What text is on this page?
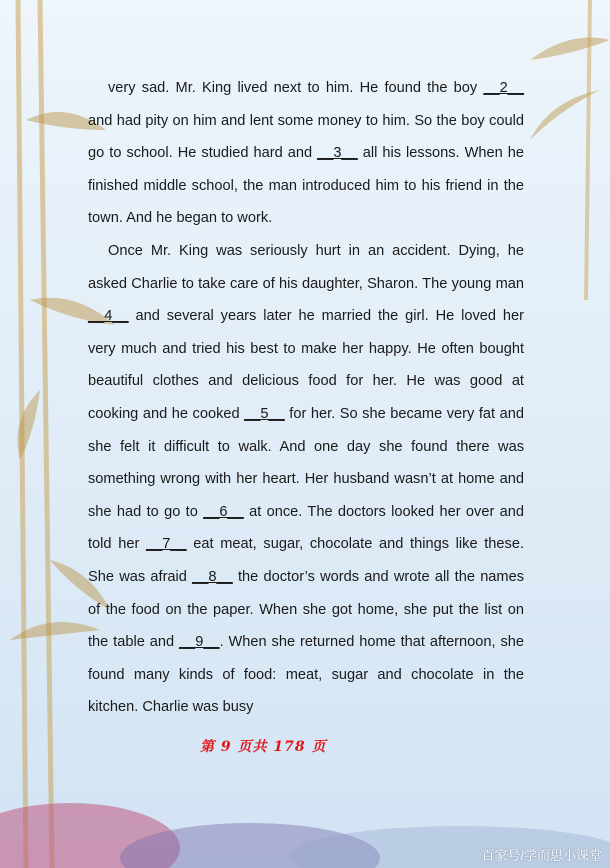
very sad. Mr. King lived next to him. He found the boy __2__ and had pity on him and lent some money to him. So the boy could go to school. He studied hard and __3__ all his lessons. When he finished middle school, the man introduced him to his friend in the town. And he began to work.

Once Mr. King was seriously hurt in an accident. Dying, he asked Charlie to take care of his daughter, Sharon. The young man __4__ and several years later he married the girl. He loved her very much and tried his best to make her happy. He often bought beautiful clothes and delicious food for her. He was good at cooking and he cooked __5__ for her. So she became very fat and she felt it difficult to walk. And one day she found there was something wrong with her heart. Her husband wasn’t at home and she had to go to __6__ at once. The doctors looked her over and told her __7__ eat meat, sugar, chocolate and things like these. She was afraid __8__ the doctor’s words and wrote all the names of the food on the paper. When she got home, she put the list on the table and __9__. When she returned home that afternoon, she found many kinds of food: meat, sugar and chocolate in the kitchen. Charlie was busy

第 9 页共 178 页
百家号/学而思小课堂
